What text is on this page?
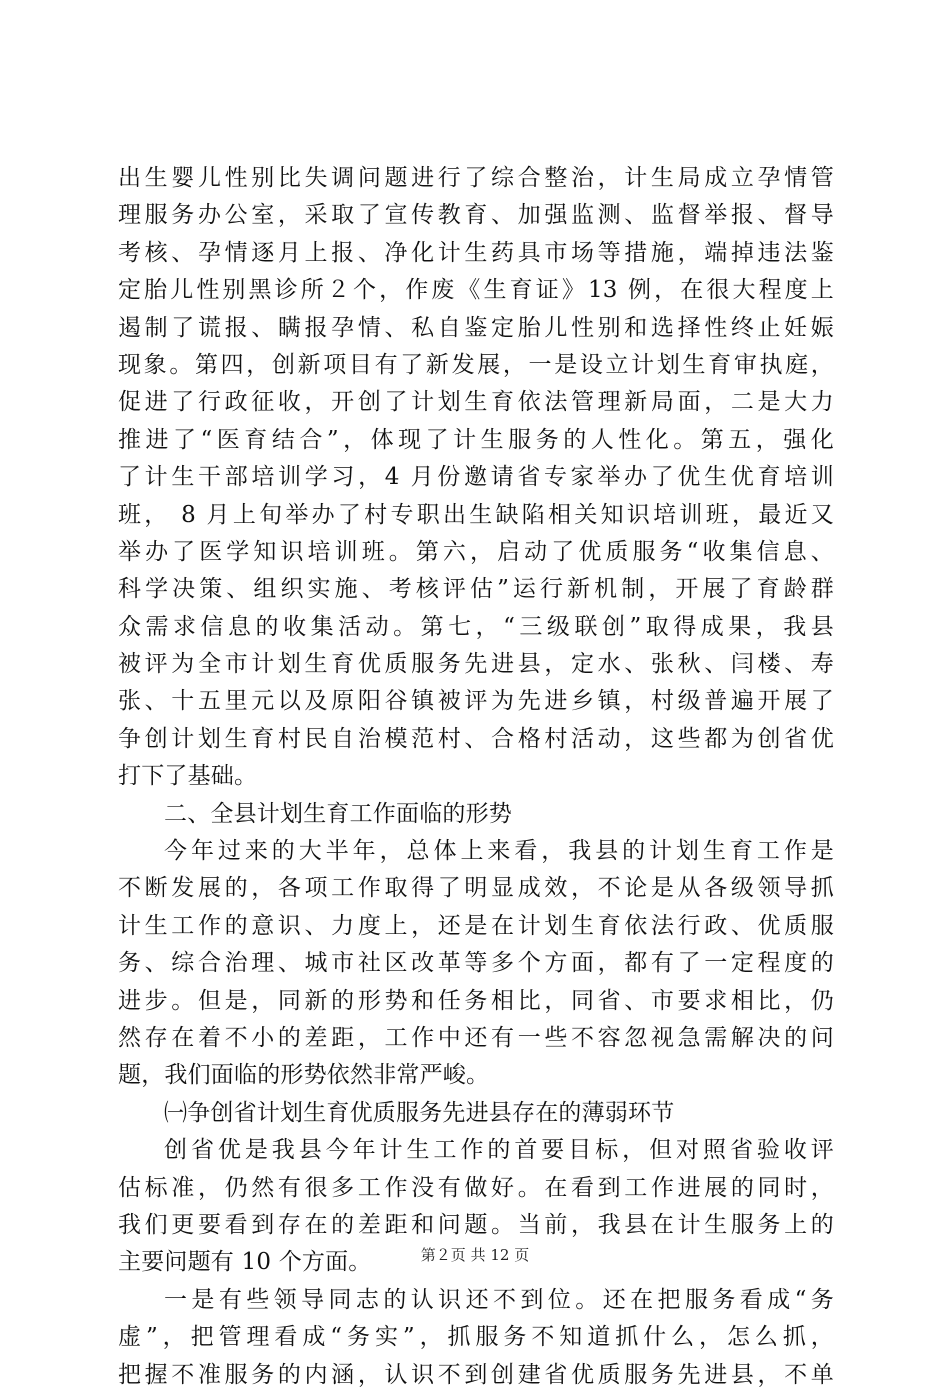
出生婴儿性别比失调问题进行了综合整治，计生局成立孕情管
理服务办公室，采取了宣传教育、加强监测、监督举报、督导
考核、孕情逐月上报、净化计生药具市场等措施，端掉违法鉴
定胎儿性别黑诊所２个，作废《生育证》13 例，在很大程度上
遏制了谎报、瞒报孕情、私自鉴定胎儿性别和选择性终止妊娠
现象。第四，创新项目有了新发展，一是设立计划生育审执庭，
促进了行政征收，开创了计划生育依法管理新局面，二是大力
推进了“医育结合”，体现了计生服务的人性化。第五，强化
了计生干部培训学习，4 月份邀请省专家举办了优生优育培训
班， 8 月上旬举办了村专职出生缺陷相关知识培训班，最近又
举办了医学知识培训班。第六，启动了优质服务“收集信息、
科学决策、组织实施、考核评估”运行新机制，开展了育龄群
众需求信息的收集活动。第七，“三级联创”取得成果，我县
被评为全市计划生育优质服务先进县，定水、张秋、闫楼、寿
张、十五里元以及原阳谷镇被评为先进乡镇，村级普遍开展了
争创计划生育村民自治模范村、合格村活动，这些都为创省优
打下了基础。
二、全县计划生育工作面临的形势
今年过来的大半年，总体上来看，我县的计划生育工作是
不断发展的，各项工作取得了明显成效，不论是从各级领导抓
计生工作的意识、力度上，还是在计划生育依法行政、优质服
务、综合治理、城市社区改革等多个方面，都有了一定程度的
进步。但是，同新的形势和任务相比，同省、市要求相比，仍
然存在着不小的差距，工作中还有一些不容忽视急需解决的问
题，我们面临的形势依然非常严峻。
㈠争创省计划生育优质服务先进县存在的薄弱环节
创省优是我县今年计生工作的首要目标，但对照省验收评
估标准，仍然有很多工作没有做好。在看到工作进展的同时，
我们更要看到存在的差距和问题。当前，我县在计生服务上的
主要问题有 10 个方面。
一是有些领导同志的认识还不到位。还在把服务看成“务
虚”，把管理看成“务实”，抓服务不知道抓什么，怎么抓，
把握不准服务的内涵，认识不到创建省优质服务先进县，不单
第２页 共 12 页
